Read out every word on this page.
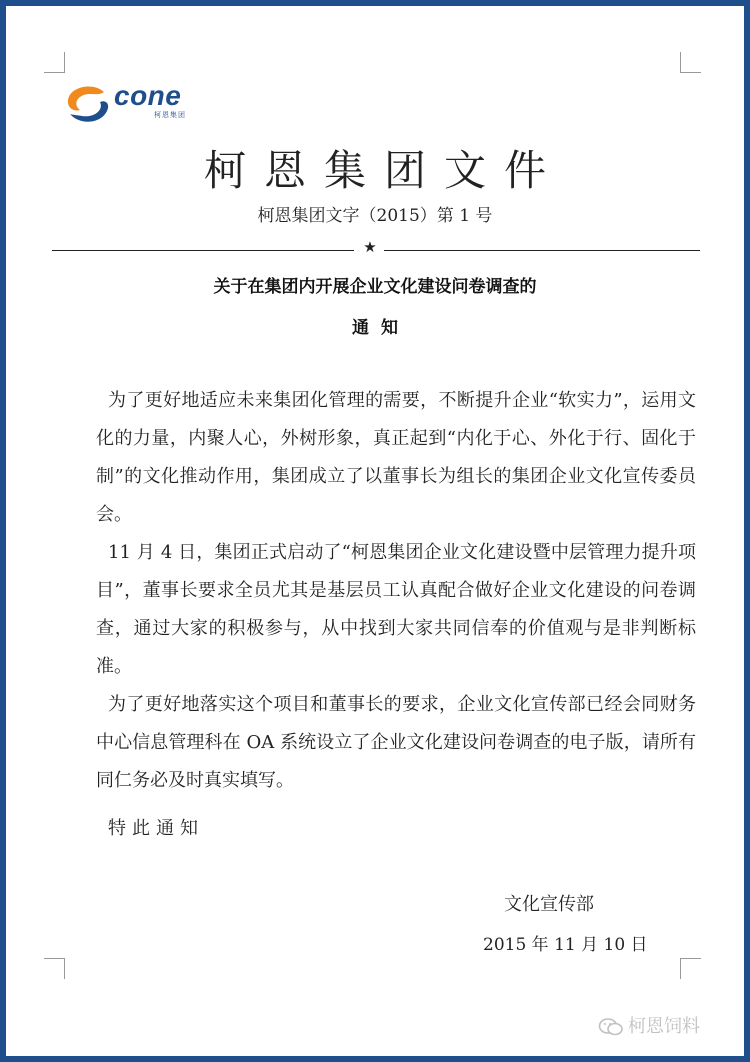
cone
柯恩集团
柯恩集团文件
柯恩集团文字（2015）第 1 号
★
关于在集团内开展企业文化建设问卷调查的
通知

为了更好地适应未来集团化管理的需要，不断提升企业“软实力”，运用文化的力量，内聚人心，外树形象，真正起到“内化于心、外化于行、固化于制”的文化推动作用，集团成立了以董事长为组长的集团企业文化宣传委员会。

11 月 4 日，集团正式启动了“柯恩集团企业文化建设暨中层管理力提升项目”，董事长要求全员尤其是基层员工认真配合做好企业文化建设的问卷调查，通过大家的积极参与，从中找到大家共同信奉的价值观与是非判断标准。

为了更好地落实这个项目和董事长的要求，企业文化宣传部已经会同财务中心信息管理科在 OA 系统设立了企业文化建设问卷调查的电子版，请所有同仁务必及时真实填写。

特此通知
文化宣传部
2015 年 11 月 10 日
柯恩饲料
